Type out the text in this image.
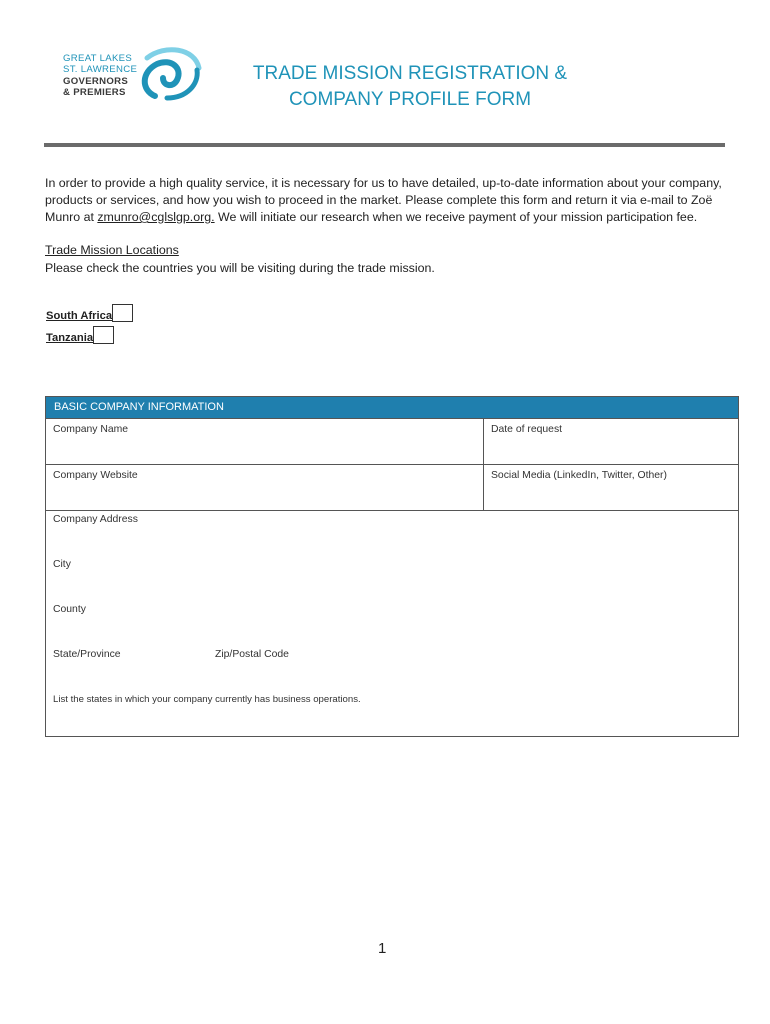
GREAT LAKES
ST. LAWRENCE
GOVERNORS
& PREMIERS
TRADE MISSION REGISTRATION &
COMPANY PROFILE FORM
In order to provide a high quality service, it is necessary for us to have detailed, up-to-date information about your company, products or services, and how you wish to proceed in the market. Please complete this form and return it via e-mail to Zoë Munro at zmunro@cglslgp.org. We will initiate our research when we receive payment of your mission participation fee.
Trade Mission Locations
Please check the countries you will be visiting during the trade mission.
South Africa
Tanzania
BASIC COMPANY INFORMATION
Company Name	Date of request
Company Website	Social Media (LinkedIn, Twitter, Other)
Company Address
City
County
State/Province	Zip/Postal Code
List the states in which your company currently has business operations.
1
